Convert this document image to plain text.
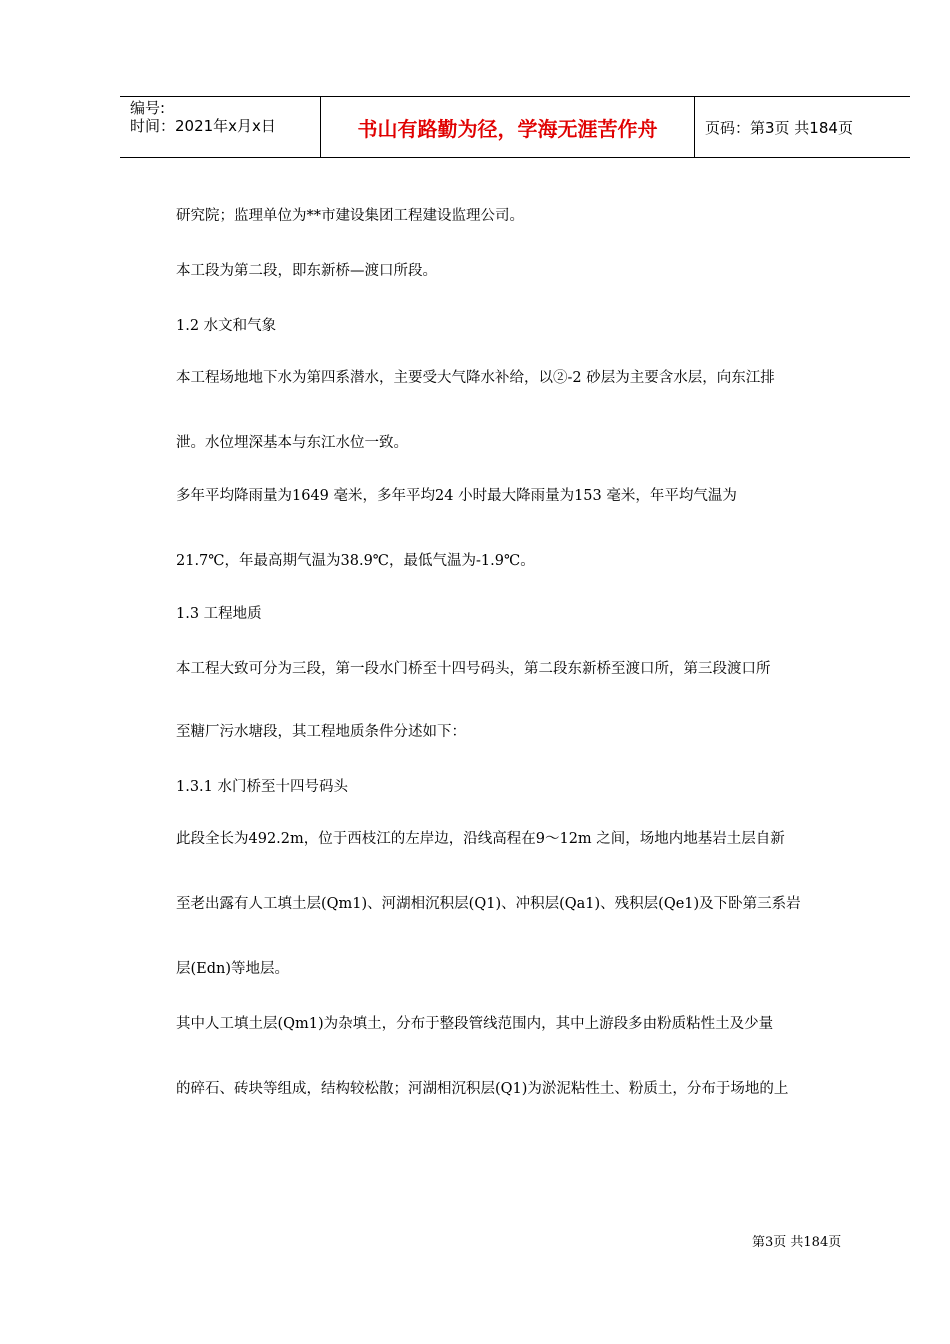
编号:
时间：2021年x月x日	书山有路勤为径，学海无涯苦作舟	页码：第3页 共184页
研究院；监理单位为**市建设集团工程建设监理公司。
本工段为第二段，即东新桥—渡口所段。
1.2 水文和气象
本工程场地地下水为第四系潜水，主要受大气降水补给，以②-2 砂层为主要含水层，向东江排
泄。水位埋深基本与东江水位一致。
多年平均降雨量为1649 毫米，多年平均24 小时最大降雨量为153 毫米，年平均气温为
21.7℃，年最高期气温为38.9℃，最低气温为-1.9℃。
1.3 工程地质
本工程大致可分为三段，第一段水门桥至十四号码头，第二段东新桥至渡口所，第三段渡口所
至糖厂污水塘段，其工程地质条件分述如下：
1.3.1 水门桥至十四号码头
此段全长为492.2m，位于西枝江的左岸边，沿线高程在9～12m 之间，场地内地基岩土层自新
至老出露有人工填土层(Qm1)、河湖相沉积层(Q1)、冲积层(Qa1)、残积层(Qe1)及下卧第三系岩
层(Edn)等地层。
其中人工填土层(Qm1)为杂填土，分布于整段管线范围内，其中上游段多由粉质粘性土及少量
的碎石、砖块等组成，结构较松散；河湖相沉积层(Q1)为淤泥粘性土、粉质土，分布于场地的上
第3页 共184页
